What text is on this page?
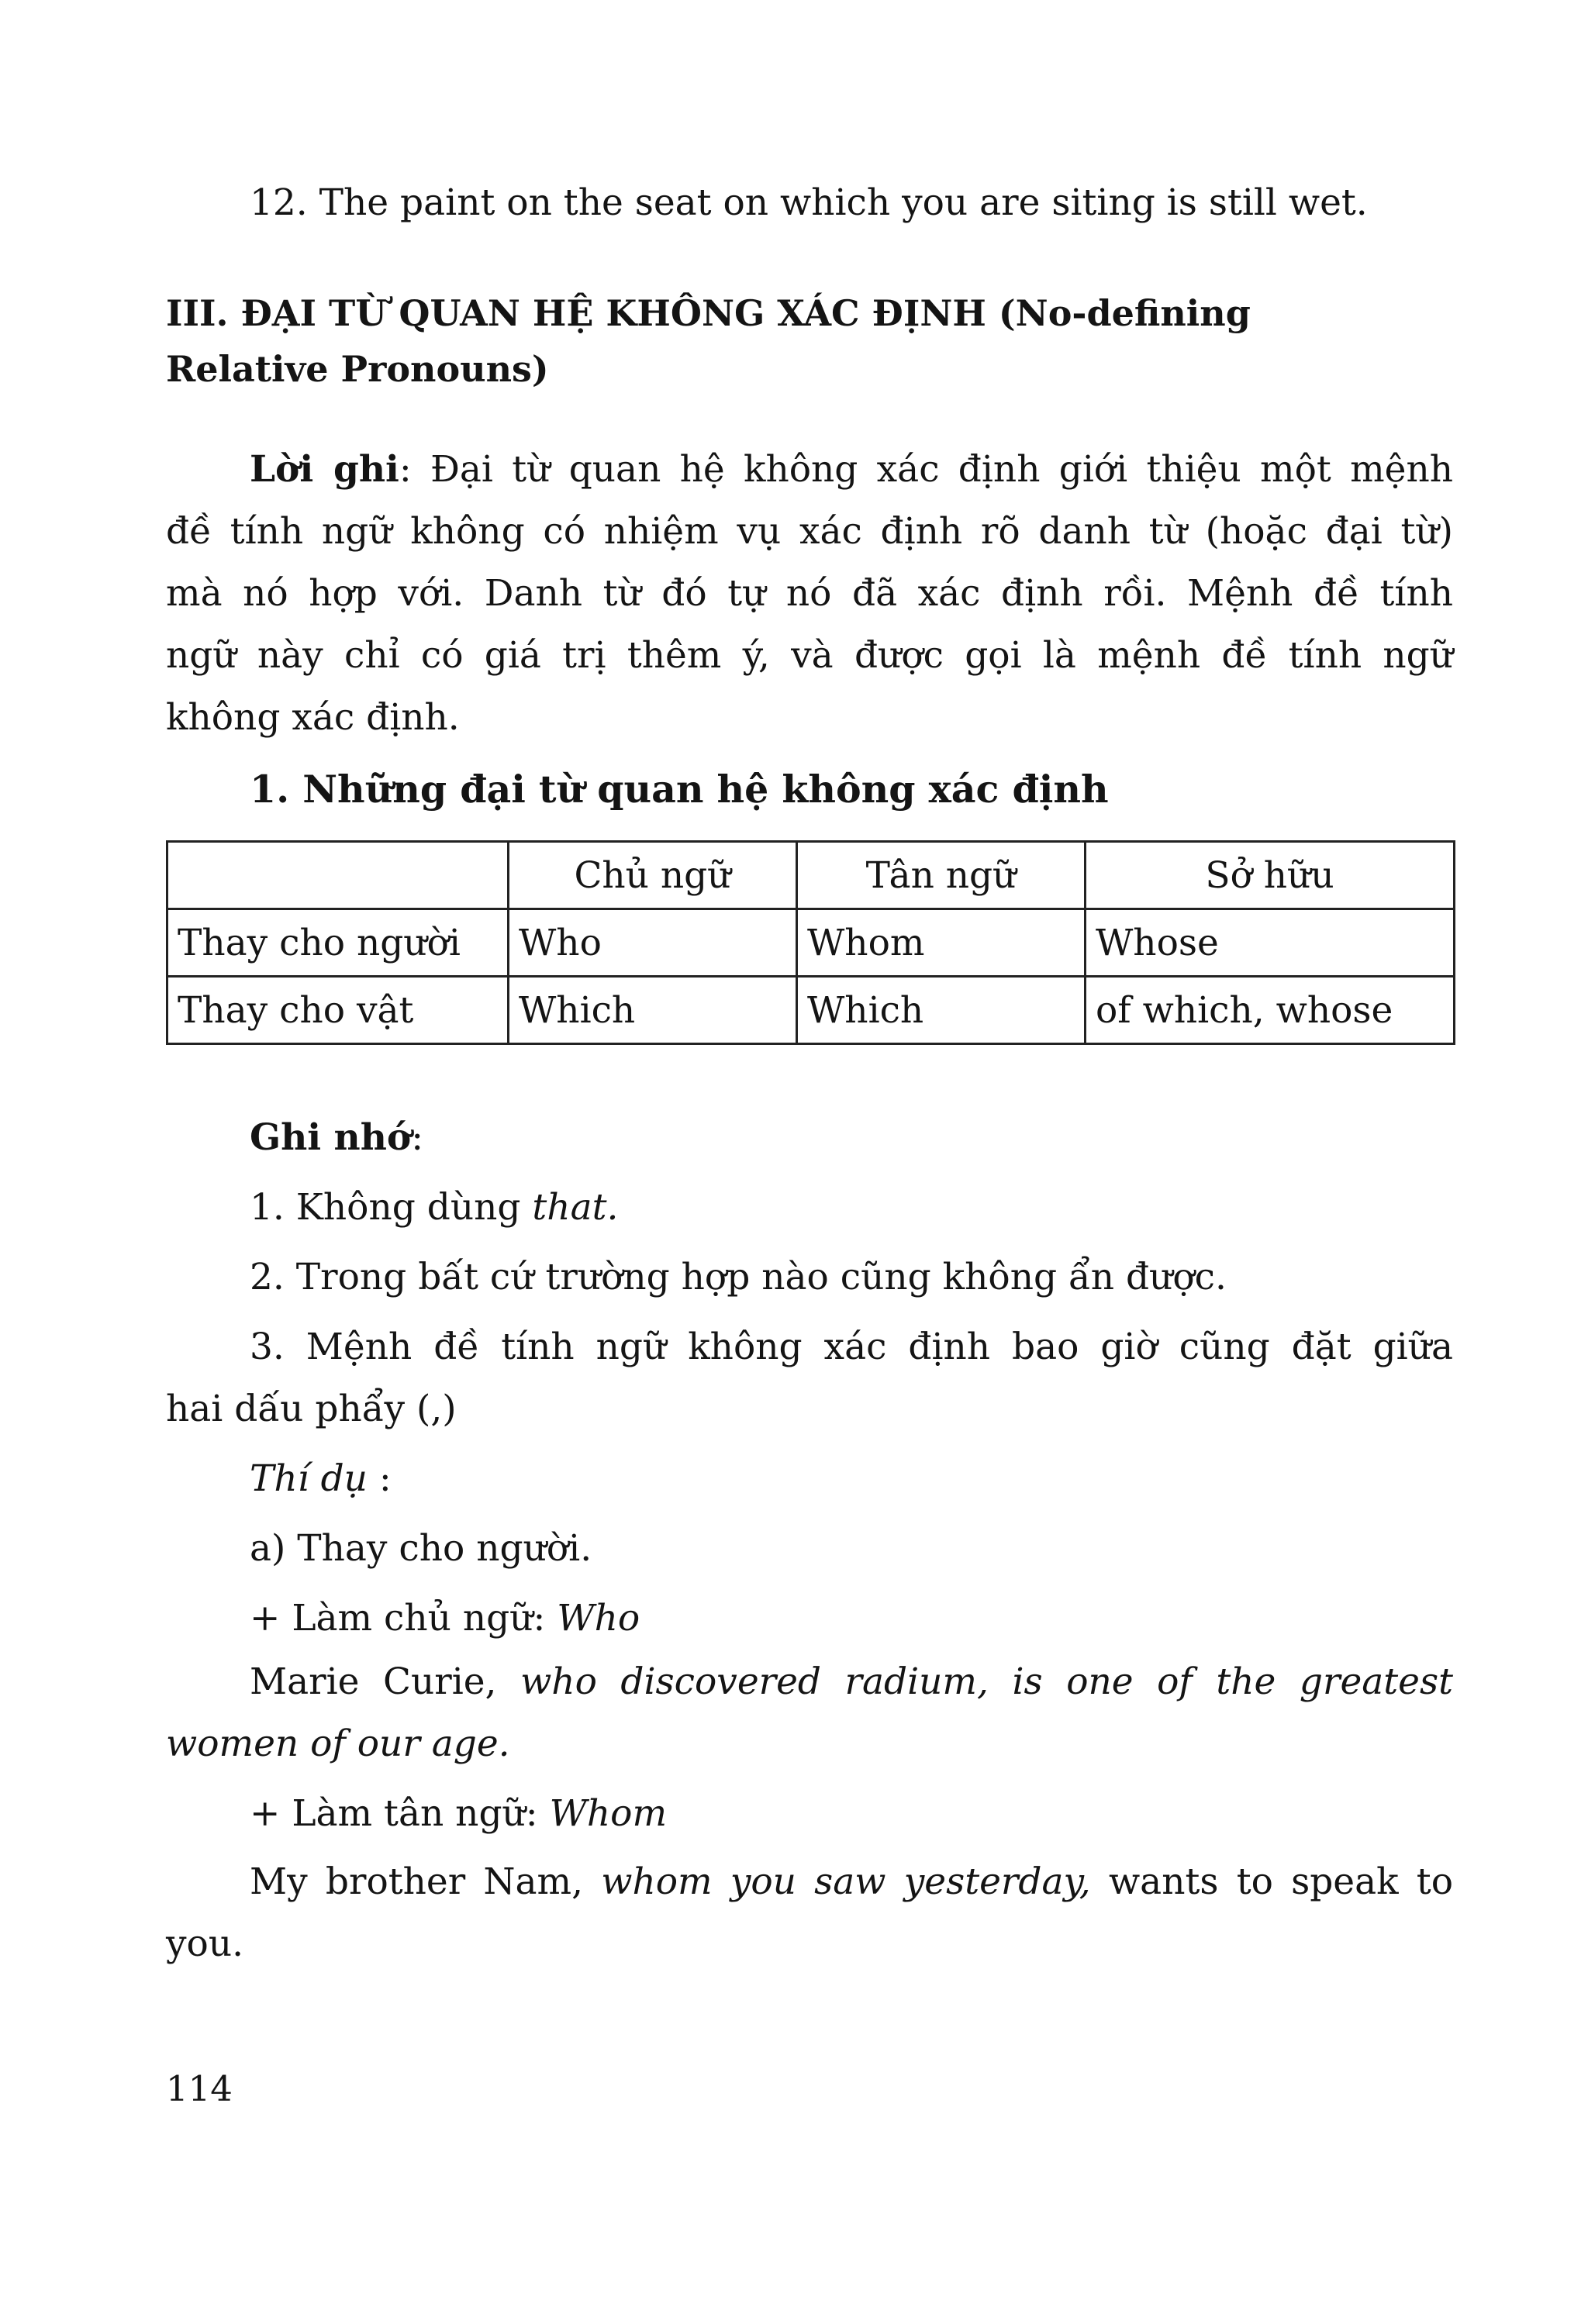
12. The paint on the seat on which you are siting is still wet.
III. ĐẠI TỪ QUAN HỆ KHÔNG XÁC ĐỊNH (No-defining
Relative Pronouns)
Lời ghi: Đại từ quan hệ không xác định giới thiệu một mệnh
đề tính ngữ không có nhiệm vụ xác định rõ danh từ (hoặc đại từ)
mà nó hợp với. Danh từ đó tự nó đã xác định rồi. Mệnh đề tính
ngữ này chỉ có giá trị thêm ý, và được gọi là mệnh đề tính ngữ
không xác định.
1. Những đại từ quan hệ không xác định
	Chủ ngữ	Tân ngữ	Sở hữu
Thay cho người	Who	Whom	Whose
Thay cho vật	Which	Which	of which, whose
Ghi nhớ:
1. Không dùng that.
2. Trong bất cứ trường hợp nào cũng không ẩn được.
3. Mệnh đề tính ngữ không xác định bao giờ cũng đặt giữa
hai dấu phẩy (,)
Thí dụ :
a) Thay cho người.
+ Làm chủ ngữ: Who
Marie Curie, who discovered radium, is one of the greatest
women of our age.
+ Làm tân ngữ: Whom
My brother Nam, whom you saw yesterday, wants to speak to
you.
114
